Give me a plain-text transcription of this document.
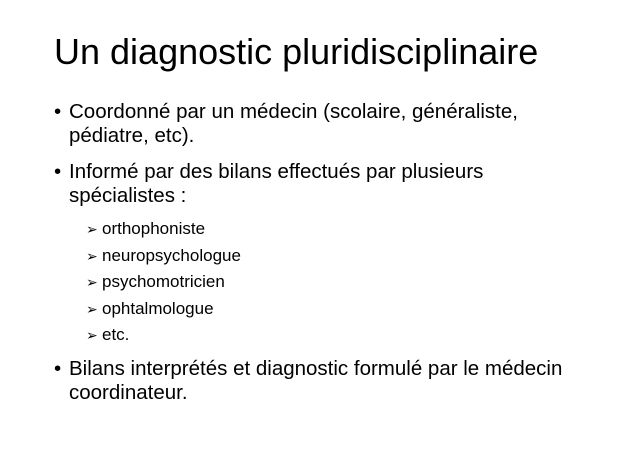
Un diagnostic pluridisciplinaire
• Coordonné par un médecin (scolaire, généraliste, pédiatre, etc).
• Informé par des bilans effectués par plusieurs spécialistes :
➢ orthophoniste
➢ neuropsychologue
➢ psychomotricien
➢ ophtalmologue
➢ etc.
• Bilans interprétés et diagnostic formulé par le médecin coordinateur.
